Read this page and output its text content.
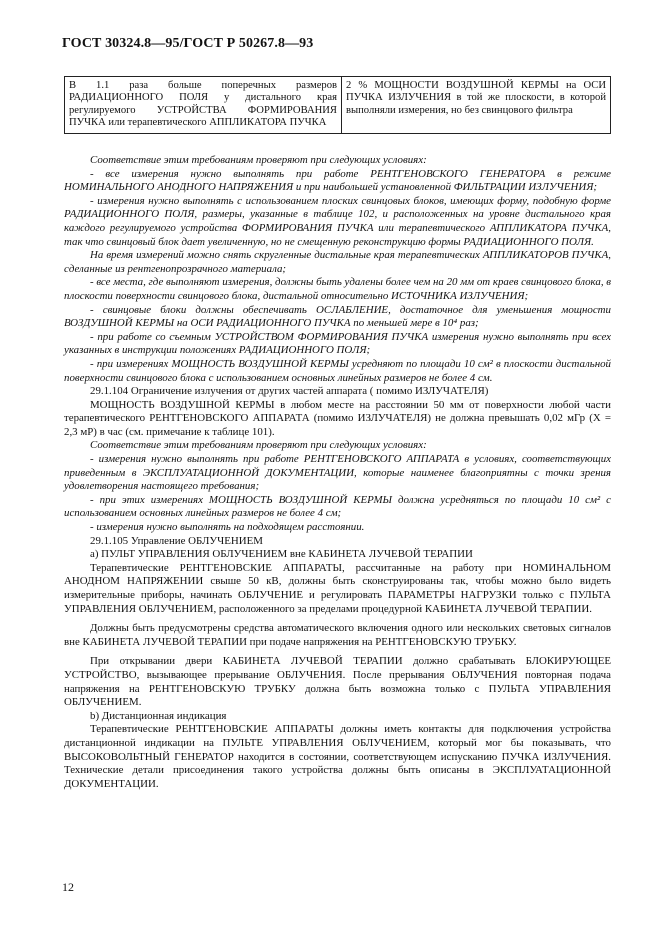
ГОСТ 30324.8—95/ГОСТ Р 50267.8—93
В 1.1 раза больше поперечных размеров РАДИАЦИОННОГО ПОЛЯ у дистального края регулируемого УСТРОЙСТВА ФОРМИРОВАНИЯ ПУЧКА или терапевтического АППЛИКАТОРА ПУЧКА	2 % МОЩНОСТИ ВОЗДУШНОЙ КЕРМЫ на ОСИ ПУЧКА ИЗЛУЧЕНИЯ в той же плоскости, в которой выполняли измерения, но без свинцового фильтра

Соответствие этим требованиям проверяют при следующих условиях:

- все измерения нужно выполнять при работе РЕНТГЕНОВСКОГО ГЕНЕРАТОРА в режиме НОМИНАЛЬНОГО АНОДНОГО НАПРЯЖЕНИЯ и при наибольшей установленной ФИЛЬТРАЦИИ ИЗЛУЧЕНИЯ;

- измерения нужно выполнять с использованием плоских свинцовых блоков, имеющих форму, подобную форме РАДИАЦИОННОГО ПОЛЯ, размеры, указанные в таблице 102, и расположенных на уровне дистального края каждого регулируемого устройства ФОРМИРОВАНИЯ ПУЧКА или терапевтического АППЛИКАТОРА ПУЧКА, так что свинцовый блок дает увеличенную, но не смещенную реконструкцию формы РАДИАЦИОННОГО ПОЛЯ.

На время измерений можно снять скругленные дистальные края терапевтических АППЛИКАТОРОВ ПУЧКА, сделанные из рентгенопрозрачного материала;

- все места, где выполняют измерения, должны быть удалены более чем на 20 мм от краев свинцового блока, в плоскости поверхности свинцового блока, дистальной относительно ИСТОЧНИКА ИЗЛУЧЕНИЯ;

- свинцовые блоки должны обеспечивать ОСЛАБЛЕНИЕ, достаточное для уменьшения мощности ВОЗДУШНОЙ КЕРМЫ на ОСИ РАДИАЦИОННОГО ПУЧКА по меньшей мере в 10⁴ раз;

- при работе со съемным УСТРОЙСТВОМ ФОРМИРОВАНИЯ ПУЧКА измерения нужно выполнять при всех указанных в инструкции положениях РАДИАЦИОННОГО ПОЛЯ;

- при измерениях МОЩНОСТЬ ВОЗДУШНОЙ КЕРМЫ усредняют по площади 10 см² в плоскости дистальной поверхности свинцового блока с использованием основных линейных размеров не более 4 см.

29.1.104 Ограничение излучения от других частей аппарата ( помимо ИЗЛУЧАТЕЛЯ)

МОЩНОСТЬ ВОЗДУШНОЙ КЕРМЫ в любом месте на расстоянии 50 мм от поверхности любой части терапевтического РЕНТГЕНОВСКОГО АППАРАТА (помимо ИЗЛУЧАТЕЛЯ) не должна превышать 0,02 мГр (Х = 2,3 мР) в час (см. примечание к таблице 101).

Соответствие этим требованиям проверяют при следующих условиях:

- измерения нужно выполнять при работе РЕНТГЕНОВСКОГО АППАРАТА в условиях, соответствующих приведенным в ЭКСПЛУАТАЦИОННОЙ ДОКУМЕНТАЦИИ, которые наименее благоприятны с точки зрения удовлетворения настоящего требования;

- при этих измерениях МОЩНОСТЬ ВОЗДУШНОЙ КЕРМЫ должна усредняться по площади 10 см² с использованием основных линейных размеров не более 4 см;

- измерения нужно выполнять на подходящем расстоянии.

29.1.105 Управление ОБЛУЧЕНИЕМ

а) ПУЛЬТ УПРАВЛЕНИЯ ОБЛУЧЕНИЕМ вне КАБИНЕТА ЛУЧЕВОЙ ТЕРАПИИ

Терапевтические РЕНТГЕНОВСКИЕ АППАРАТЫ, рассчитанные на работу при НОМИНАЛЬНОМ АНОДНОМ НАПРЯЖЕНИИ свыше 50 кВ, должны быть сконструированы так, чтобы можно было видеть измерительные приборы, начинать ОБЛУЧЕНИЕ и регулировать ПАРАМЕТРЫ НАГРУЗКИ только с ПУЛЬТА УПРАВЛЕНИЯ ОБЛУЧЕНИЕМ, расположенного за пределами процедурной КАБИНЕТА ЛУЧЕВОЙ ТЕРАПИИ.

Должны быть предусмотрены средства автоматического включения одного или нескольких световых сигналов вне КАБИНЕТА ЛУЧЕВОЙ ТЕРАПИИ при подаче напряжения на РЕНТГЕНОВСКУЮ ТРУБКУ.

При открывании двери КАБИНЕТА ЛУЧЕВОЙ ТЕРАПИИ должно срабатывать БЛОКИРУЮЩЕЕ УСТРОЙСТВО, вызывающее прерывание ОБЛУЧЕНИЯ. После прерывания ОБЛУЧЕНИЯ повторная подача напряжения на РЕНТГЕНОВСКУЮ ТРУБКУ должна быть возможна только с ПУЛЬТА УПРАВЛЕНИЯ ОБЛУЧЕНИЕМ.

b) Дистанционная индикация

Терапевтические РЕНТГЕНОВСКИЕ АППАРАТЫ должны иметь контакты для подключения устройства дистанционной индикации на ПУЛЬТЕ УПРАВЛЕНИЯ ОБЛУЧЕНИЕМ, который мог бы показывать, что ВЫСОКОВОЛЬТНЫЙ ГЕНЕРАТОР находится в состоянии, соответствующем испусканию ПУЧКА ИЗЛУЧЕНИЯ. Технические детали присоединения такого устройства должны быть описаны в ЭКСПЛУАТАЦИОННОЙ ДОКУМЕНТАЦИИ.

12
